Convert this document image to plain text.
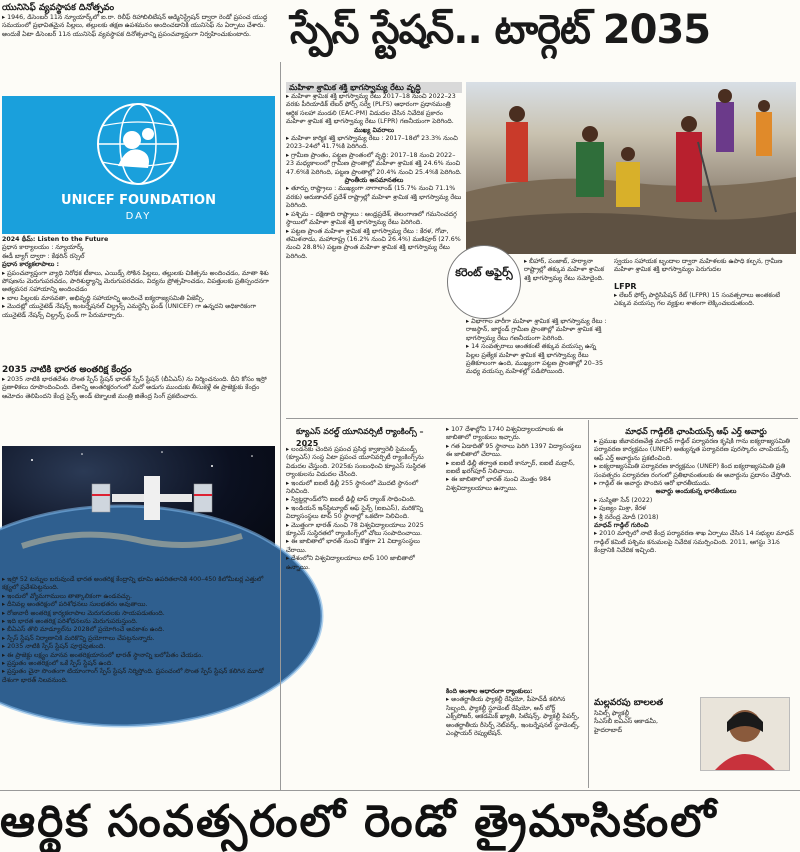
స్పేస్ స్టేషన్.. టార్గెట్ 2035
యునిసెఫ్ వ్యవస్థాపక దినోత్సవం
▸ 1946, డిసెంబర్ 11న న్యూయార్క్‌లో ఐ.రా. రిలీఫ్ రిహాబిలిటేషన్ అడ్మినిస్ట్రేషన్ ద్వారా రెండో ప్రపంచ యుద్ధ సమయంలో ప్రభావితమైన పిల్లలు, తల్లులకు తక్షణ ఉపశమనం అందించడానికి యునిసెఫ్ ను ఏర్పాటు చేశారు. అందుకే ఏటా డిసెంబర్ 11న యునిసెఫ్ వ్యవస్థాపక దినోత్సవాన్ని ప్రపంచవ్యాప్తంగా నిర్వహించుకుంటారు.
UNICEF FOUNDATION
DAY
2024 థీమ్: Listen to the Future
ప్రధాన కార్యాలయం : న్యూయార్క్
ఈడీ బ్యాగ్ ద్వారా : కేథరిన్ రస్సెల్
ప్రధాన కార్యకలాపాలు :
▸ ప్రపంచవ్యాప్తంగా వ్యాధి నిరోధక టీకాలు, ఎయిడ్స్ సోకిన పిల్లలు, తల్లులకు చికిత్సను అందించడం, మాతా శిశు పోషణను మెరుగుపరచడం, పారిశుద్ధ్యాన్ని మెరుగుపరచడం, విద్యను ప్రోత్సహించడం, విపత్తులకు ప్రతిస్పందనగా అత్యవసర సహాయాన్ని అందించడం
▸ బాల పిల్లలకు మానవతా, అభివృద్ధి సహాయాన్ని అందించే ఐక్యరాజ్యసమితి ఏజెన్సీ.
▸ మొదట్లో యునైటెడ్ నేషన్స్ ఇంటర్నేషనల్ చిల్డ్రన్స్ ఎమర్జెన్సీ ఫండ్ (UNICEF) గా ఉన్నదని అధికారికంగా యునైటెడ్ నేషన్స్ చిల్డ్రన్స్ ఫండ్ గా పేరుమార్చారు.
2035 నాటికి భారత అంతరిక్ష కేంద్రం
▸ 2035 నాటికి భారతదేశం సొంత స్పేస్ స్టేషన్ భారత్ స్పేస్ స్టేషన్ (బీఏఎస్) ను నిర్మించనుంది. దీని కోసం ఇస్రో ప్రణాళికలు రూపొందించింది. దేశాన్ని అంతరిక్షరంగంలో మరో అడుగు ముందుకు తీసుకెళ్లే ఈ ప్రాజెక్టుకు కేంద్రం ఆమోదం తెలిపిందని కేంద్ర సైన్స్ అండ్ టెక్నాలజీ మంత్రి జితేంద్ర సింగ్ ప్రకటించారు.
▸ ఇస్రో 52 టన్నుల బరువుండే భారత అంతరిక్ష కేంద్రాన్ని భూమి ఉపరితలానికి 400–450 కిలోమీటర్ల ఎత్తులో కక్ష్యలో ప్రవేశపెట్టనుంది.
▸ ఇందులో వ్యోమగాములు తాత్కాలికంగా ఉండవచ్చు.
▸ దీనివల్ల అంతరిక్షంలో పరిశోధనలు సులభతరం అవుతాయి.
▸ రోజువారీ అంతరిక్ష కార్యకలాపాల మెరుగుదలకు సాయపడుతుంది.
▸ ఇది భారత అంతరిక్ష పరిశోధనలను మెరుగుపరుస్తుంది.
▸ బీఏఎస్ తొలి మాడ్యూల్‌ను 2028లో ప్రయోగించే అవకాశం ఉంది.
▸ స్పేస్ స్టేషన్ నిర్మాణానికి మరికొన్ని ప్రయోగాలు చేపట్టనున్నారు.
▸ 2035 నాటికి స్పేస్ స్టేషన్ పూర్తవుతుంది.
▸ ఈ ప్రాజెక్టు లక్ష్యం మానవ అంతరిక్షయానంలో భారత్ స్థానాన్ని బలోపేతం చేయడం.
▸ ప్రస్తుతం అంతరిక్షంలో ఒకే స్పేస్ స్టేషన్ ఉంది.
▸ ప్రస్తుతం చైనా సొంతంగా టియాంగాంగ్ స్పేస్ స్టేషన్ నిర్మిస్తోంది. ప్రపంచంలో సొంత స్పేస్ స్టేషన్ కలిగిన మూడో దేశంగా భారత్ నిలవనుంది.
మహిళా శ్రామిక శక్తి భాగస్వామ్య రేటు వృద్ధి
▸ మహిళా శ్రామిక శక్తి భాగస్వామ్య రేటు 2017–18 నుంచి 2022–23 వరకు పీరియాడిక్ లేబర్ ఫోర్స్ సర్వే (PLFS) ఆధారంగా ప్రధానమంత్రి ఆర్థిక సలహా మండలి (EAC-PM) విడుదల చేసిన నివేదిక ప్రకారం మహిళా శ్రామిక శక్తి భాగస్వామ్య రేటు (LFPR) గణనీయంగా పెరిగింది.
ముఖ్య వివరాలు
▸ మహిళా కార్మిక శక్తి భాగస్వామ్య రేటు : 2017–18లో 23.3% నుంచి 2023–24లో 41.7%కి పెరిగింది.
▸ గ్రామీణ ప్రాంతం, పట్టణ ప్రాంతంలో వృద్ధి: 2017–18 నుంచి 2022–23 మధ్యకాలంలో గ్రామీణ ప్రాంతాల్లో మహిళా శ్రామిక శక్తి 24.6% నుంచి 47.6%కి పెరిగింది, పట్టణ ప్రాంతాల్లో 20.4% నుంచి 25.4%కి పెరిగింది.
ప్రాంతీయ అసమానతలు
▸ తూర్పు రాష్ట్రాలు : ముఖ్యంగా నాగాలాండ్ (15.7% నుంచి 71.1% వరకు) అరుణాచల్ ప్రదేశ్ రాష్ట్రాల్లో మహిళా శ్రామిక శక్తి భాగస్వామ్య రేటు పెరిగింది.
▸ పశ్చిమ – దక్షిణాది రాష్ట్రాలు : ఆంధ్రప్రదేశ్, తెలంగాణలో గమనించదగ్గ స్థాయిలో మహిళా శ్రామిక శక్తి భాగస్వామ్య రేటు పెరిగింది.
▸ పట్టణ ప్రాంత మహిళా శ్రామిక శక్తి భాగస్వామ్య రేటు : కేరళ, గోవా, తమిళనాడు, మహారాష్ట్ర (16.2% నుంచి 26.4%) మణిపూర్ (27.6% నుంచి 28.8%) పట్టణ ప్రాంత మహిళా శ్రామిక శక్తి భాగస్వామ్య రేటు పెరిగింది.
కరెంట్ అఫైర్స్
▸ బీహార్, పంజాబ్, హర్యానా రాష్ట్రాల్లో తక్కువ మహిళా శ్రామిక శక్తి భాగస్వామ్య రేటు నమోదైంది.
▸ విభాగాల వారీగా మహిళా శ్రామిక శక్తి భాగస్వామ్య రేటు : రాజస్థాన్, జార్ఖండ్ గ్రామీణ ప్రాంతాల్లో మహిళా శ్రామిక శక్తి భాగస్వామ్య రేటు గణనీయంగా పెరిగింది.
▸ 14 సంవత్సరాలు అంతకంటే తక్కువ వయస్సు ఉన్న పిల్లల ప్రత్యేక మహిళా శ్రామిక శక్తి భాగస్వామ్య రేటు ప్రతికూలంగా ఉంది, ముఖ్యంగా పట్టణ ప్రాంతాల్లో 20–35 మధ్య వయస్సు మహిళల్లో పడిపోయింది.
స్వయం సహాయక బృందాల ద్వారా మహిళలకు ఉపాధి కల్పన, గ్రామీణ మహిళా శ్రామిక శక్తి భాగస్వామ్యం పెరుగుదల
LFPR
▸ లేబర్ ఫోర్స్ పార్టిసిపేషన్ రేట్ (LFPR) 15 సంవత్సరాలు అంతకంటే ఎక్కువ వయస్సు గల వ్యక్తుల శాతంగా లెక్కించబడుతుంది.
క్యూఎస్ వరల్డ్ యూనివర్సిటీ ర్యాంకింగ్స్ – 2025
▸ లండన్‌కు చెందిన ప్రపంచ ప్రసిద్ధ క్వాక్వారెలీ సైమండ్స్ (క్యూఎస్) సంస్థ ఏటా ప్రపంచ యూనివర్సిటీ ర్యాంకింగ్స్‌ను విడుదల చేస్తుంది. 2025కు సంబంధించి క్యూఎస్ సుస్థిరత ర్యాంకులను విడుదల చేసింది.
▸ ఇందులో ఐఐటీ ఢిల్లీ 255 స్థానంలో మొదటి స్థానంలో నిలిచింది.
▸ స్విట్జర్లాండ్‌లోని ఐఐటీ ఢిల్లీ టాప్ ర్యాంక్ సాధించింది.
▸ ఇండియన్ ఇన్‌స్టిట్యూట్ ఆఫ్ సైన్స్ (ఐఐఎస్), మరికొన్ని విద్యాసంస్థలు టాప్ 50 స్థానాల్లో ఒకటిగా నిలిచింది.
▸ మొత్తంగా భారత్ నుంచి 78 విశ్వవిద్యాలయాలు 2025 క్యూఎస్ సుస్థిరతలో ర్యాంకింగ్స్‌లో చోటు సంపాదించాయి.
▸ ఈ జాబితాలో భారత్ నుంచి కొత్తగా 21 విద్యాసంస్థలు చేరాయి.
▸ దేశంలోని విశ్వవిద్యాలయాలు టాప్ 100 జాబితాలో ఉన్నాయి.
▸ 107 దేశాల్లోని 1740 విశ్వవిద్యాలయాలకు ఈ జాబితాలో ర్యాంకులు ఇచ్చారు.
▸ గత ఏడాదితో 95 స్థానాలు పెరిగి 1397 విద్యాసంస్థలు ఈ జాబితాలో చేరాయి.
▸ ఐఐటీ ఢిల్లీ తర్వాత ఐఐటీ కాన్పూర్, ఐఐటీ మద్రాస్, ఐఐటీ ఖరగ్‌పూర్ నిలిచాయి.
▸ ఈ జాబితాలో భారత్ నుంచి మొత్తం 984 విశ్వవిద్యాలయాలు ఉన్నాయి.
కింది అంశాల ఆధారంగా ర్యాంకులు:
▸ అంతర్జాతీయ ఫ్యాకల్టీ రేషియో, పీహెచ్‌డీ కలిగిన సిబ్బంది, ఫ్యాకల్టీ స్టూడెంట్ రేషియో, ఆన్ బోర్డ్ ఎక్స్‌పోజర్, అకడమిక్ ఖ్యాతి, సిటేషన్స్, ఫ్యాకల్టీ పేపర్స్, అంతర్జాతీయ రీసెర్చ్ నెట్‌వర్క్, ఇంటర్నేషనల్ స్టూడెంట్స్, ఎంప్లాయర్ రెప్యుటేషన్.
మాధవ్ గాడ్గిల్‌కి ఛాంపియన్స్ ఆఫ్ ఎర్త్ అవార్డు
▸ ప్రముఖ జీవావరణవేత్త మాధవ్ గాడ్గిల్ పర్యావరణ కృషికి గాను ఐక్యరాజ్యసమితి పర్యావరణ కార్యక్రమం (UNEP) అత్యున్నత పర్యావరణ పురస్కారం చాంపియన్స్ ఆఫ్ ఎర్త్ అవార్డును ప్రకటించింది.
▸ ఐక్యరాజ్యసమితి పర్యావరణ కార్యక్రమం (UNEP) కింద ఐక్యరాజ్యసమితి ప్రతి సంవత్సరం పర్యావరణ రంగంలో ప్రతిభావంతులకు ఈ అవార్డును ప్రదానం చేస్తోంది.
▸ గాడ్గిల్ ఈ అవార్డు పొందిన ఆరో భారతీయుడు.
అవార్డు అందుకున్న భారతీయులు
▸ సుస్మితా సేన్ (2022)
▸ పుణ్యం మిశ్రా, కేరళ
▸ శ్రీ నరేంద్ర మోదీ (2018)
మాధవ్ గాడ్గిల్ గురించి
▸ 2010 మార్చిలో నాటి కేంద్ర పర్యావరణ శాఖ ఏర్పాటు చేసిన 14 సభ్యుల మాధవ్ గాడ్గిల్ కమిటీ పశ్చిమ కనుమలపై నివేదిక సమర్పించింది. 2011, ఆగస్టు 31న కేంద్రానికి నివేదిక ఇచ్చింది.
మల్లవరపు బాలలత
సివిల్స్ ఫ్యాకల్టీ
సీఎస్‌బీ ఐఏఎస్ అకాడమీ,
హైదరాబాద్
ఆర్థిక సంవత్సరంలో రెండో త్రైమాసికంలో
